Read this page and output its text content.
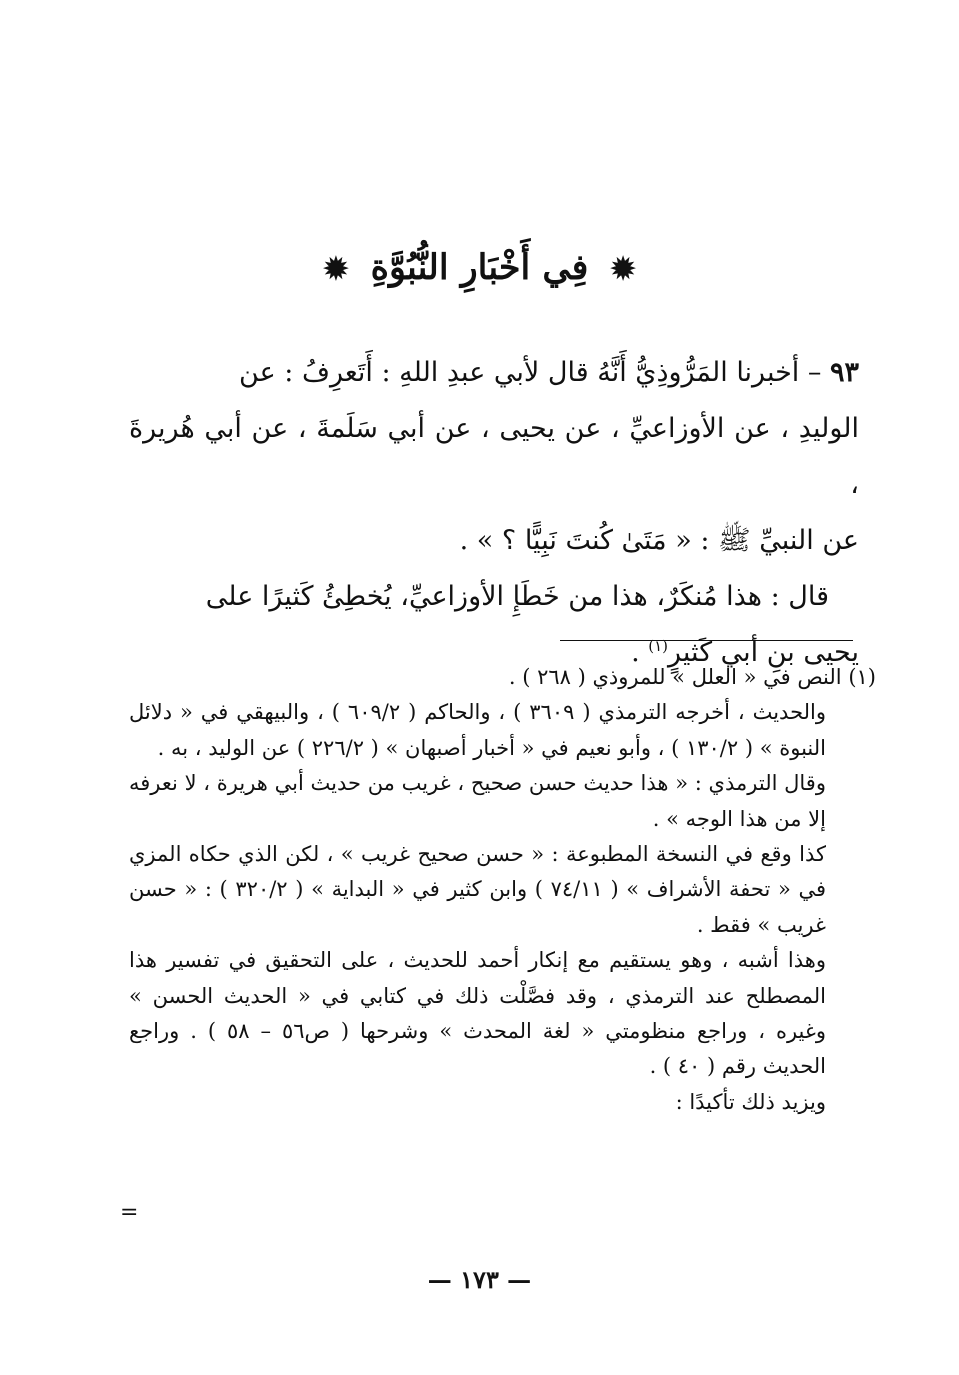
✹ فِي أَخْبَارِ النُّبُوَّةِ ✹

٩٣ – أخبرنا المَرُّوذِيُّ أَنَّهُ قال لأبي عبدِ اللهِ : أَتَعرِفُ : عن

الوليدِ ، عن الأوزاعيِّ ، عن يحيى ، عن أبي سَلَمةَ ، عن أبي هُريرةَ ،

عن النبيِّ ﷺ : « مَتَىٰ كُنتَ نَبِيًّا ؟ » .

قال : هذا مُنكَرٌ، هذا من خَطَإِ الأوزاعيِّ، يُخطِئُ كَثيرًا على

يحيى بنِ أبي كَثيرٍ$^{(١)}$ .

(١) النص في « العلل » للمروذي ( ٢٦٨ ) .

والحديث ، أخرجه الترمذي ( ٣٦٠٩ ) ، والحاكم ( ٦٠٩/٢ ) ، والبيهقي في « دلائل النبوة » ( ١٣٠/٢ ) ، وأبو نعيم في « أخبار أصبهان » ( ٢٢٦/٢ ) عن الوليد ، به .

وقال الترمذي : « هذا حديث حسن صحيح ، غريب من حديث أبي هريرة ، لا نعرفه إلا من هذا الوجه » .

كذا وقع في النسخة المطبوعة : « حسن صحيح غريب » ، لكن الذي حكاه المزي في « تحفة الأشراف » ( ٧٤/١١ ) وابن كثير في « البداية » ( ٣٢٠/٢ ) : « حسن غريب » فقط .

وهذا أشبه ، وهو يستقيم مع إنكار أحمد للحديث ، على التحقيق في تفسير هذا المصطلح عند الترمذي ، وقد فصَّلْت ذلك في كتابي في « الحديث الحسن » وغيره ، وراجع منظومتي « لغة المحدث » وشرحها ( ص٥٦ – ٥٨ ) . وراجع الحديث رقم ( ٤٠ ) .

ويزيد ذلك تأكيدًا :

=
— ١٧٣ —
